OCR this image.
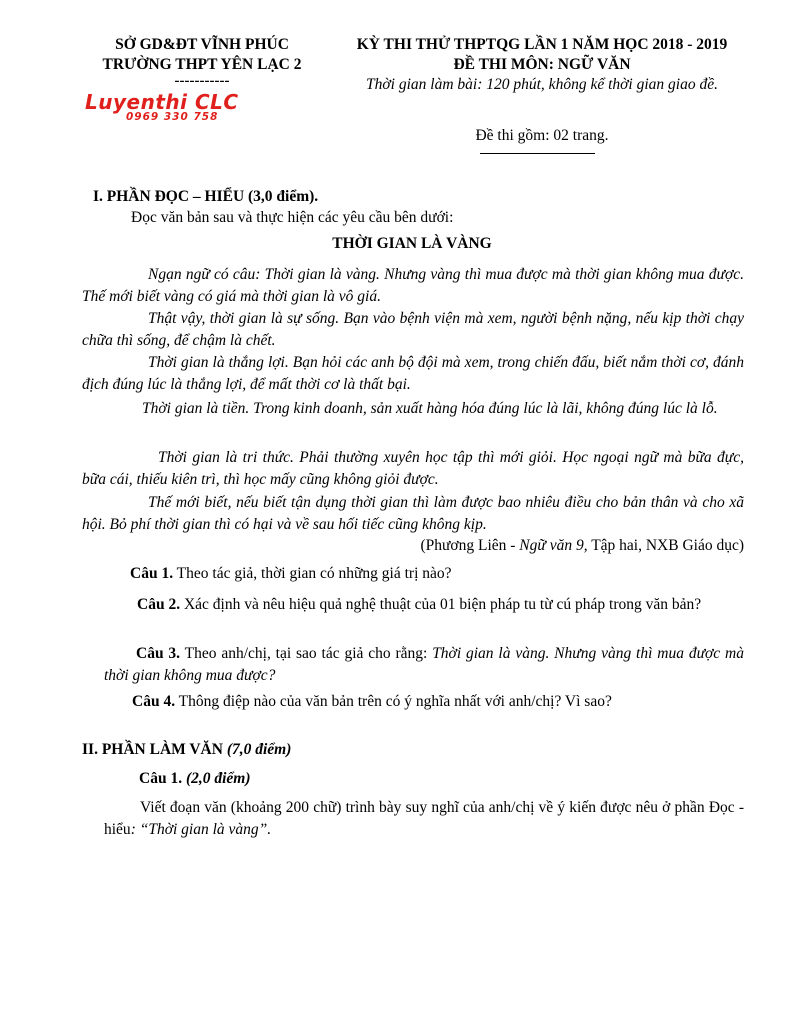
SỞ GD&ĐT VĨNH PHÚC
TRƯỜNG THPT YÊN LẠC 2
-----------
Luyenthi CLC
0969 330 758
KỲ THI THỬ THPTQG LẦN 1 NĂM HỌC 2018 - 2019
ĐỀ THI MÔN: NGỮ VĂN
Thời gian làm bài: 120 phút, không kể thời gian giao đề.
Đề thi gồm: 02 trang.
I. PHẦN ĐỌC – HIỂU (3,0 điểm).
Đọc văn bản sau và thực hiện các yêu cầu bên dưới:
THỜI GIAN LÀ VÀNG
Ngạn ngữ có câu: Thời gian là vàng. Nhưng vàng thì mua được mà thời gian không mua được. Thế mới biết vàng có giá mà thời gian là vô giá.
Thật vậy, thời gian là sự sống. Bạn vào bệnh viện mà xem, người bệnh nặng, nếu kịp thời chạy chữa thì sống, để chậm là chết.
Thời gian là thắng lợi. Bạn hỏi các anh bộ đội mà xem, trong chiến đấu, biết nắm thời cơ, đánh địch đúng lúc là thắng lợi, để mất thời cơ là thất bại.
Thời gian là tiền. Trong kinh doanh, sản xuất hàng hóa đúng lúc là lãi, không đúng lúc là lỗ.
Thời gian là tri thức. Phải thường xuyên học tập thì mới giỏi. Học ngoại ngữ mà bữa đực, bữa cái, thiếu kiên trì, thì học mấy cũng không giỏi được.
Thế mới biết, nếu biết tận dụng thời gian thì làm được bao nhiêu điều cho bản thân và cho xã hội. Bỏ phí thời gian thì có hại và về sau hối tiếc cũng không kịp.
(Phương Liên - Ngữ văn 9, Tập hai, NXB Giáo dục)
Câu 1. Theo tác giả, thời gian có những giá trị nào?
Câu 2. Xác định và nêu hiệu quả nghệ thuật của 01 biện pháp tu từ cú pháp trong văn bản?
Câu 3. Theo anh/chị, tại sao tác giả cho rằng: Thời gian là vàng. Nhưng vàng thì mua được mà thời gian không mua được?
Câu 4. Thông điệp nào của văn bản trên có ý nghĩa nhất với anh/chị? Vì sao?
II. PHẦN LÀM VĂN (7,0 điểm)
Câu 1. (2,0 điểm)
Viết đoạn văn (khoảng 200 chữ) trình bày suy nghĩ của anh/chị về ý kiến được nêu ở phần Đọc - hiểu: “Thời gian là vàng”.
